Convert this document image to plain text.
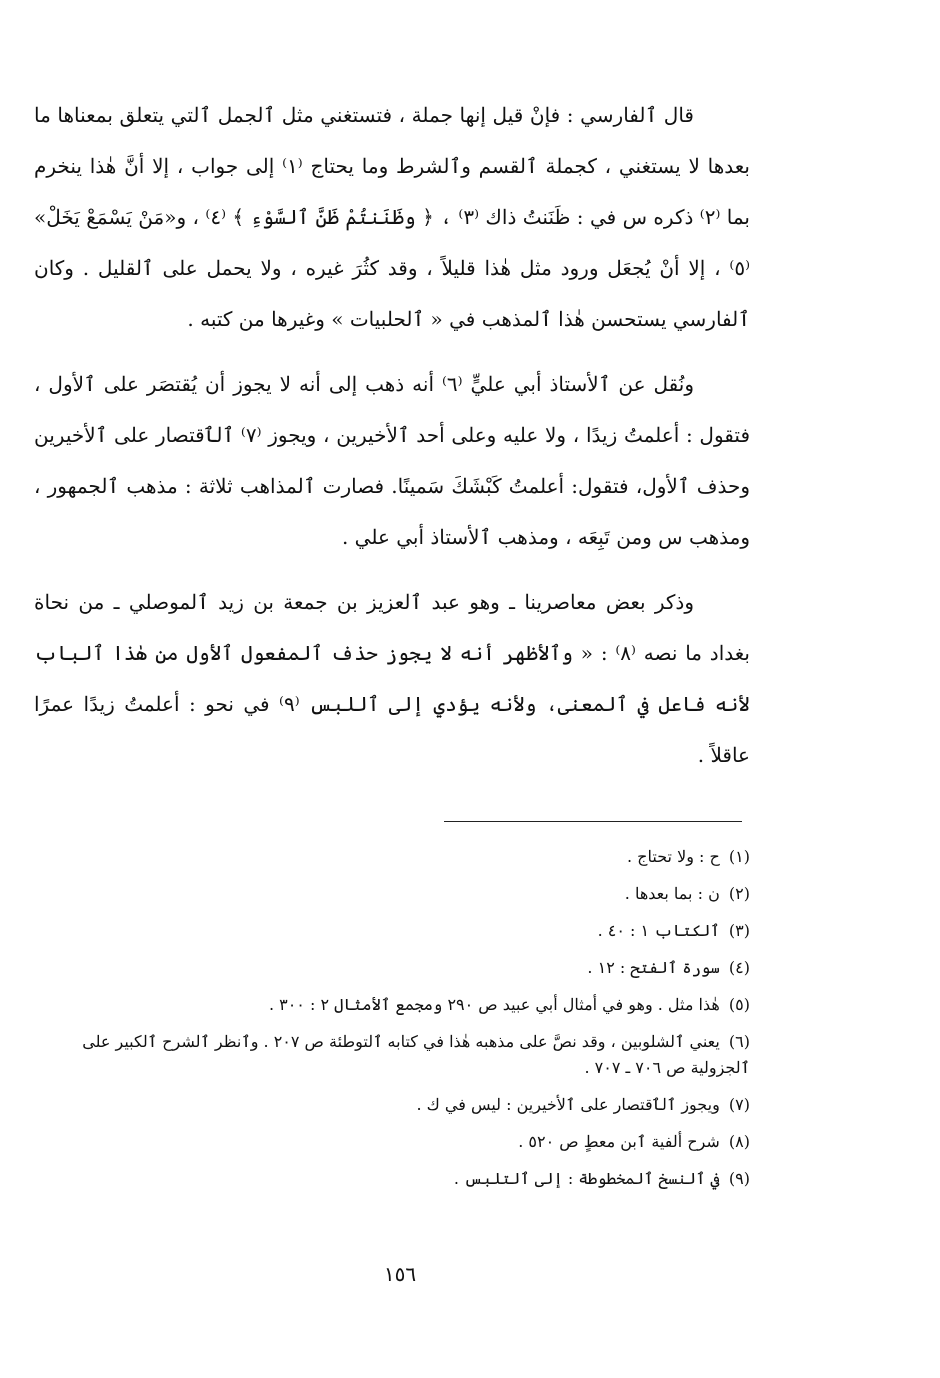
قال ٱلفارسي : فإنْ قيل إنها جملة ، فتستغني مثل ٱلجمل ٱلتي يتعلق بمعناها ما بعدها لا يستغني ، كجملة ٱلقسم وٱلشرط وما يحتاج ⁽١⁾ إلى جواب ، إلا أنَّ هٰذا ينخرم بما ⁽٢⁾ ذكره س في : ظَنَنتُ ذاك ⁽٣⁾ ، ﴿ وظَنَنتُمْ ظَنَّ ٱلسَّوْءِ ﴾ ⁽٤⁾ ، و«مَنْ يَسْمَعْ يَخَلْ» ⁽٥⁾ ، إلا أنْ يُجعَل ورود مثل هٰذا قليلاً ، وقد كثُرَ غيره ، ولا يحمل على ٱلقليل . وكان ٱلفارسي يستحسن هٰذا ٱلمذهب في « ٱلحلبيات » وغيرها من كتبه .

ونُقل عن ٱلأستاذ أبي عليٍّ ⁽٦⁾ أنه ذهب إلى أنه لا يجوز أن يُقتصَر على ٱلأول ، فتقول : أعلمتُ زيدًا ، ولا عليه وعلى أحد ٱلأخيرين ، ويجوز ⁽٧⁾ ٱلٱقتصار على ٱلأخيرين وحذف ٱلأول، فتقول: أعلمتُ كَبْشَكَ سَمينًا. فصارت ٱلمذاهب ثلاثة : مذهب ٱلجمهور ، ومذهب س ومن تَبِعَه ، ومذهب ٱلأستاذ أبي علي .

وذكر بعض معاصرينا ـ وهو عبد ٱلعزيز بن جمعة بن زيد ٱلموصلي ـ من نحاة بغداد ما نصه ⁽٨⁾ : « وٱلأظهر أنه لا يجوز حذف ٱلمفعول ٱلأول من هٰذا ٱلباب لأنه فاعل في ٱلمعنى، ولأنه يؤدي إلى ٱللبس ⁽٩⁾ في نحو : أعلمتُ زيدًا عمرًا عاقلاً .

(١) ح : ولا تحتاج .
(٢) ن : بما بعدها .
(٣) ٱلكتاب ١ : ٤٠ .
(٤) سورة ٱلفتح : ١٢ .
(٥) هٰذا مثل . وهو في أمثال أبي عبيد ص ٢٩٠ ومجمع ٱلأمثال ٢ : ٣٠٠ .
(٦) يعني ٱلشلوبين ، وقد نصَّ على مذهبه هٰذا في كتابه ٱلتوطئة ص ٢٠٧ . وٱنظر ٱلشرح ٱلكبير على ٱلجزولية ص ٧٠٦ ـ ٧٠٧ .
(٧) ويجوز ٱلٱقتصار على ٱلأخيرين : ليس في ك .
(٨) شرح ألفية ٱبن معطٍ ص ٥٢٠ .
(٩) في ٱلنسخ ٱلمخطوطة : إلى ٱلتلبس .
١٥٦
